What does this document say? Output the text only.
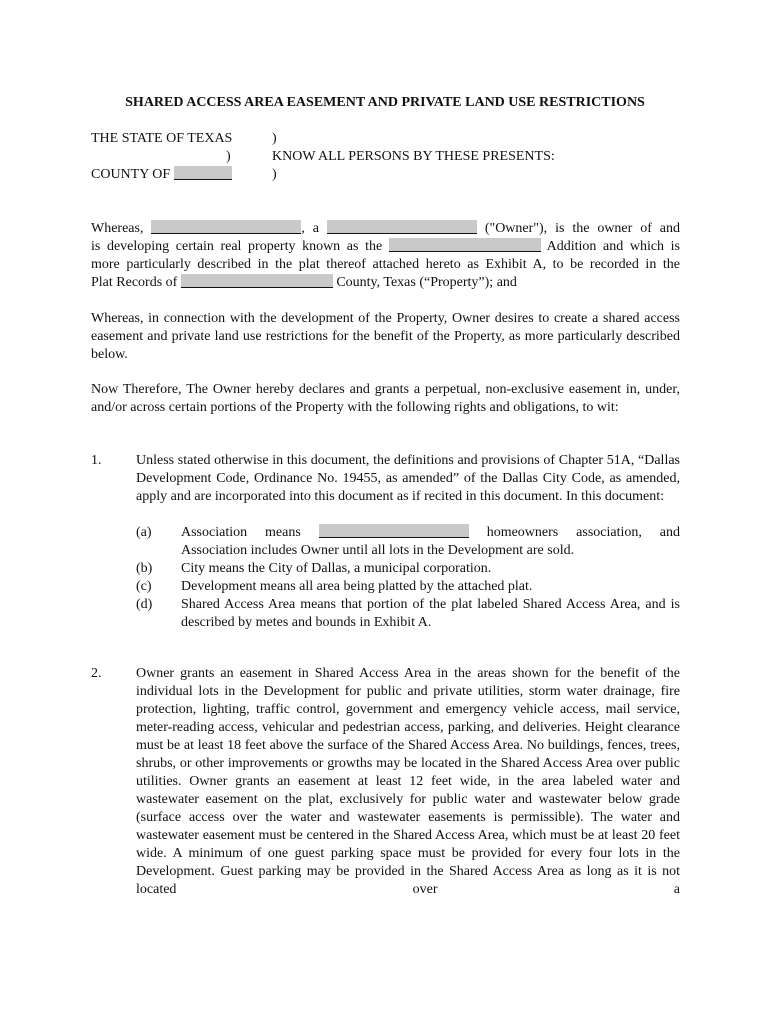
SHARED ACCESS AREA EASEMENT AND PRIVATE LAND USE RESTRICTIONS
THE STATE OF TEXAS	)
)	KNOW ALL PERSONS BY THESE PRESENTS:
COUNTY OF	)
Whereas,	, a	("Owner"), is the owner of and
is developing certain real property known as the	Addition and which is
more particularly described in the plat thereof attached hereto as Exhibit A, to be recorded in the
Plat Records of	County, Texas (“Property”); and
Whereas, in connection with the development of the Property, Owner desires to create a shared access easement and private land use restrictions for the benefit of the Property, as more particularly described below.
Now Therefore, The Owner hereby declares and grants a perpetual, non-exclusive easement in, under, and/or across certain portions of the Property with the following rights and obligations, to wit:
1. Unless stated otherwise in this document, the definitions and provisions of Chapter 51A, “Dallas Development Code, Ordinance No. 19455, as amended” of the Dallas City Code, as amended, apply and are incorporated into this document as if recited in this document. In this document:
(a) Association means	homeowners association, and
Association includes Owner until all lots in the Development are sold.
(b) City means the City of Dallas, a municipal corporation.
(c) Development means all area being platted by the attached plat.
(d) Shared Access Area means that portion of the plat labeled Shared Access Area, and is described by metes and bounds in Exhibit A.
2. Owner grants an easement in Shared Access Area in the areas shown for the benefit of the individual lots in the Development for public and private utilities, storm water drainage, fire protection, lighting, traffic control, government and emergency vehicle access, mail service, meter-reading access, vehicular and pedestrian access, parking, and deliveries. Height clearance must be at least 18 feet above the surface of the Shared Access Area. No buildings, fences, trees, shrubs, or other improvements or growths may be located in the Shared Access Area over public utilities. Owner grants an easement at least 12 feet wide, in the area labeled water and wastewater easement on the plat, exclusively for public water and wastewater below grade (surface access over the water and wastewater easements is permissible). The water and wastewater easement must be centered in the Shared Access Area, which must be at least 20 feet wide. A minimum of one guest parking space must be provided for every four lots in the Development. Guest parking may be provided in the Shared Access Area as long as it is not located over a
